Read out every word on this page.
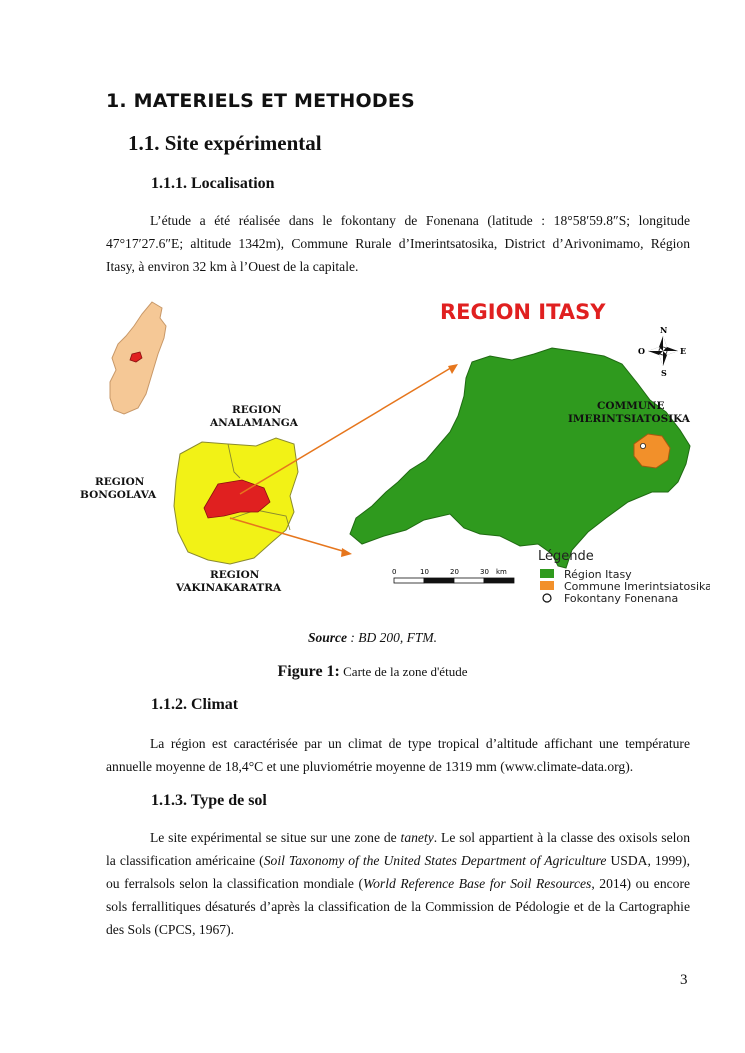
1. MATERIELS ET METHODES
1.1. Site expérimental
1.1.1. Localisation
L’étude a été réalisée dans le fokontany de Fonenana (latitude : 18°58′59.8″S; longitude 47°17′27.6″E; altitude 1342m), Commune Rurale d’Imerintsatosika, District d’Arivonimamo, Région Itasy, à environ 32 km à l’Ouest de la capitale.
REGION ITASY
N
S
E
O
REGION
ANALAMANGA
REGION
BONGOLAVA
REGION
VAKINAKARATRA
COMMUNE
IMERINTSIATOSIKA
0	10	20	30 km
Légende
Région Itasy
Commune Imerintsiatosika
Fokontany Fonenana
Source : BD 200, FTM.
Figure 1: Carte de la zone d'étude
1.1.2. Climat
La région est caractérisée par un climat de type tropical d’altitude affichant une température annuelle moyenne de 18,4°C et une pluviométrie moyenne de 1319 mm (www.climate-data.org).
1.1.3. Type de sol
Le site expérimental se situe sur une zone de tanety. Le sol appartient à la classe des oxisols selon la classification américaine (Soil Taxonomy of the United States Department of Agriculture USDA, 1999), ou ferralsols selon la classification mondiale (World Reference Base for Soil Resources, 2014) ou encore sols ferrallitiques désaturés d’après la classification de la Commission de Pédologie et de la Cartographie des Sols (CPCS, 1967).
3
